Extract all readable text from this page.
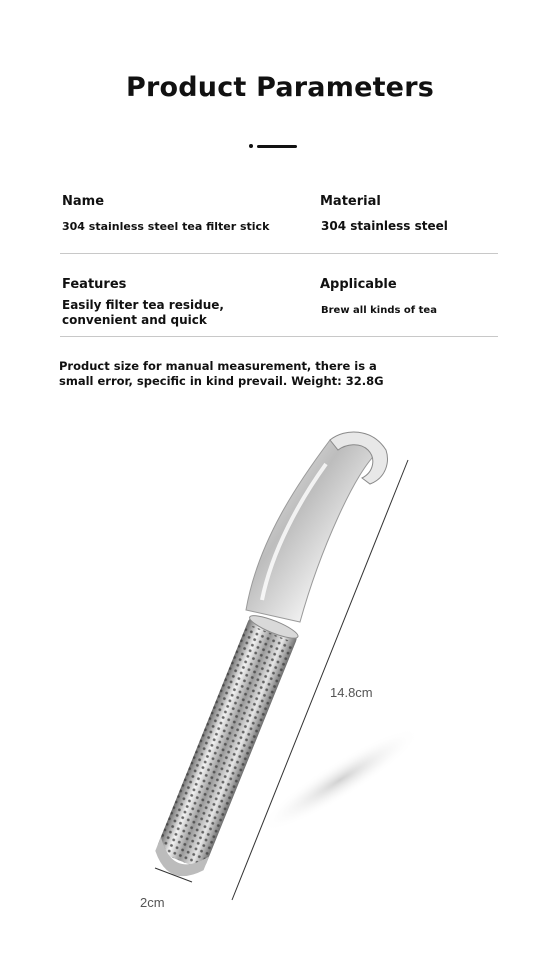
Product Parameters
Name
304 stainless steel tea filter stick
Material
304 stainless steel
Features
Easily filter tea residue, convenient and quick
Applicable
Brew all kinds of tea
Product size for manual measurement, there is a small error, specific in kind prevail. Weight: 32.8G
14.8cm
2cm
